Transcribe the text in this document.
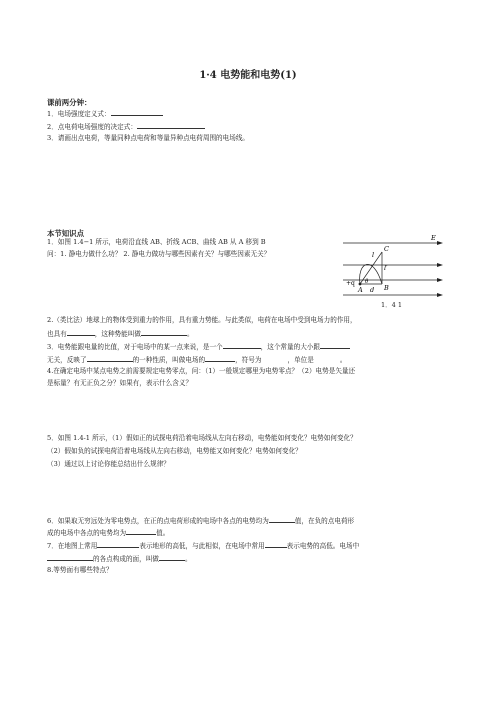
1·4 电势能和电势(1)
课前两分钟：
1．电场强度定义式：
2．点电荷电场强度的决定式：
3．请画出点电荷，等量同种点电荷和等量异种点电荷周围的电场线。
本节知识点
1．如图 1.4−1 所示，电荷沿直线 AB、折线 ACB、曲线 AB 从 A 移到 B
问：1. 静电力做什么功？ 2. 静电力做功与哪些因素有关？与哪些因素无关？
E
C
l
l′
+q
A
θ
d B
1．4 1
2.（类比法）地球上的物体受到重力的作用，具有重力势能。与此类似，电荷在电场中受到电场力的作用，
也具有	，这种势能叫做	。
3．电势能跟电量的比值，对于电场中的某一点来说，是一个	，这个常量的大小跟
无关，反映了	的一种性质，叫做电场的	，符号为	，单位是	。
4.在确定电场中某点电势之前需要规定电势零点，问：（1）一般规定哪里为电势零点？（2）电势是矢量还
是标量？有无正负之分？如果有，表示什么含义？
5．如图 1.4-1 所示，（1）假如正的试探电荷沿着电场线从左向右移动，电势能如何变化？电势如何变化？
（2）假如负的试探电荷沿着电场线从左向右移动，电势能又如何变化？电势如何变化？
（3）通过以上讨论你能总结出什么规律？
6．如果取无穷远处为零电势点，在正的点电荷形成的电场中各点的电势均为	值，在负的点电荷形
成的电场中各点的电势均为	值。
7．在地图上常用	表示地形的高低，与此相似，在电场中常用	表示电势的高低。电场中
的各点构成的面，叫做	。
8.等势面有哪些特点？
